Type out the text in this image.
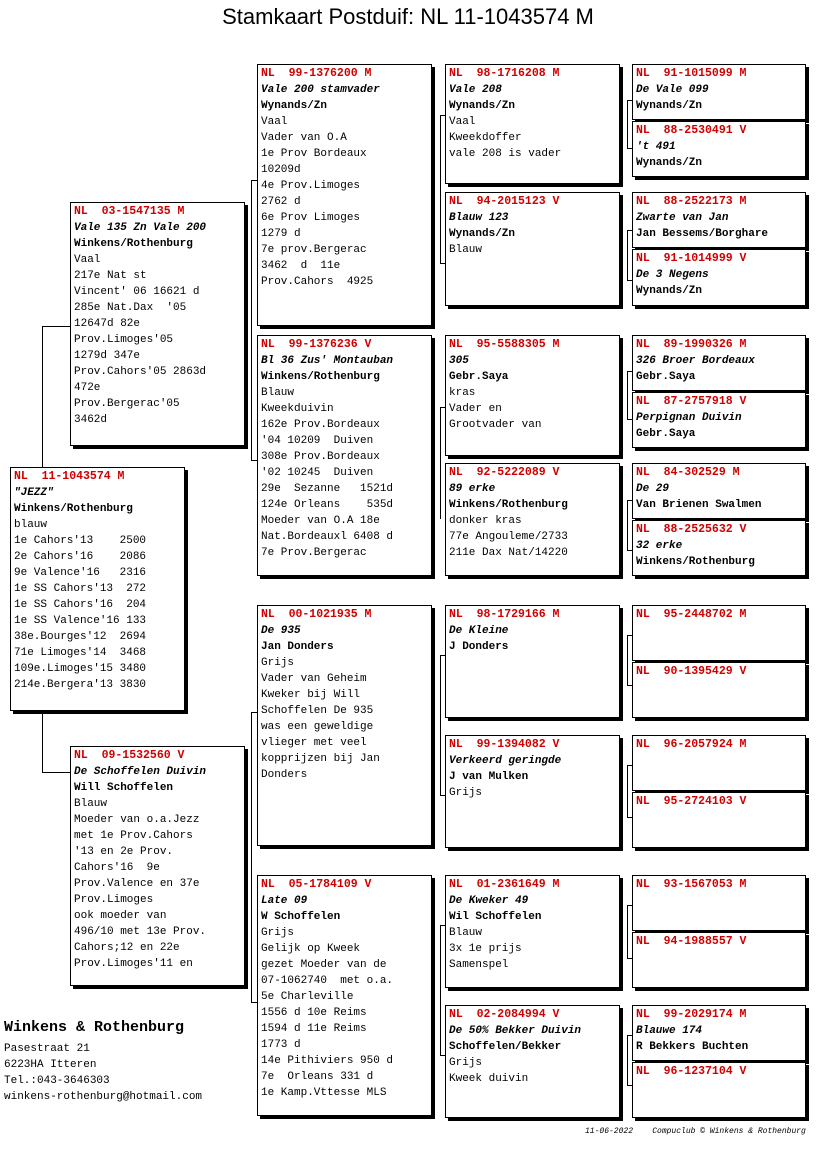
Stamkaart Postduif: NL 11-1043574 M
NL  11-1043574 M
"JEZZ"
Winkens/Rothenburg
blauw
1e Cahors'13    2500
2e Cahors'16    2086
9e Valence'16   2316
1e SS Cahors'13  272
1e SS Cahors'16  204
1e SS Valence'16 133
38e.Bourges'12  2694
71e Limoges'14  3468
109e.Limoges'15 3480
214e.Bergera'13 3830
NL  03-1547135 M
Vale 135 Zn Vale 200
Winkens/Rothenburg
Vaal
217e Nat st
Vincent' 06 16621 d
285e Nat.Dax  '05
12647d 82e
Prov.Limoges'05
1279d 347e
Prov.Cahors'05 2863d
472e
Prov.Bergerac'05
3462d
NL  09-1532560 V
De Schoffelen Duivin
Will Schoffelen
Blauw
Moeder van o.a.Jezz
met 1e Prov.Cahors
'13 en 2e Prov.
Cahors'16  9e
Prov.Valence en 37e
Prov.Limoges
ook moeder van
496/10 met 13e Prov.
Cahors;12 en 22e
Prov.Limoges'11 en
NL  99-1376200 M
Vale 200 stamvader
Wynands/Zn
Vaal
Vader van O.A
1e Prov Bordeaux
10209d
4e Prov.Limoges
2762 d
6e Prov Limoges
1279 d
7e prov.Bergerac
3462  d  11e
Prov.Cahors  4925
NL  99-1376236 V
Bl 36 Zus' Montauban
Winkens/Rothenburg
Blauw
Kweekduivin
162e Prov.Bordeaux
'04 10209  Duiven
308e Prov.Bordeaux
'02 10245  Duiven
29e  Sezanne   1521d
124e Orleans    535d
Moeder van O.A 18e
Nat.Bordeauxl 6408 d
7e Prov.Bergerac
NL  00-1021935 M
De 935
Jan Donders
Grijs
Vader van Geheim
Kweker bij Will
Schoffelen De 935
was een geweldige
vlieger met veel
kopprijzen bij Jan
Donders
NL  05-1784109 V
Late 09
W Schoffelen
Grijs
Gelijk op Kweek
gezet Moeder van de
07-1062740  met o.a.
5e Charleville
1556 d 10e Reims
1594 d 11e Reims
1773 d
14e Pithiviers 950 d
7e  Orleans 331 d
1e Kamp.Vttesse MLS
NL  98-1716208 M
Vale 208
Wynands/Zn
Vaal
Kweekdoffer
vale 208 is vader
NL  94-2015123 V
Blauw 123
Wynands/Zn
Blauw
NL  95-5588305 M
305
Gebr.Saya
kras
Vader en
Grootvader van
NL  92-5222089 V
89 erke
Winkens/Rothenburg
donker kras
77e Angouleme/2733
211e Dax Nat/14220
NL  98-1729166 M
De Kleine
J Donders
NL  99-1394082 V
Verkeerd geringde
J van Mulken
Grijs
NL  01-2361649 M
De Kweker 49
Wil Schoffelen
Blauw
3x 1e prijs
Samenspel
NL  02-2084994 V
De 50% Bekker Duivin
Schoffelen/Bekker
Grijs
Kweek duivin
NL  91-1015099 M
De Vale 099
Wynands/Zn
NL  88-2530491 V
't 491
Wynands/Zn
NL  88-2522173 M
Zwarte van Jan
Jan Bessems/Borghare
NL  91-1014999 V
De 3 Negens
Wynands/Zn
NL  89-1990326 M
326 Broer Bordeaux
Gebr.Saya
NL  87-2757918 V
Perpignan Duivin
Gebr.Saya
NL  84-302529 M
De 29
Van Brienen Swalmen
NL  88-2525632 V
32 erke
Winkens/Rothenburg
NL  95-2448702 M
NL  90-1395429 V
NL  96-2057924 M
NL  95-2724103 V
NL  93-1567053 M
NL  94-1988557 V
NL  99-2029174 M
Blauwe 174
R Bekkers Buchten
NL  96-1237104 V
Winkens & Rothenburg
Pasestraat 21
6223HA Itteren
Tel.:043-3646303
winkens-rothenburg@hotmail.com
11-06-2022 Compuclub © Winkens & Rothenburg
